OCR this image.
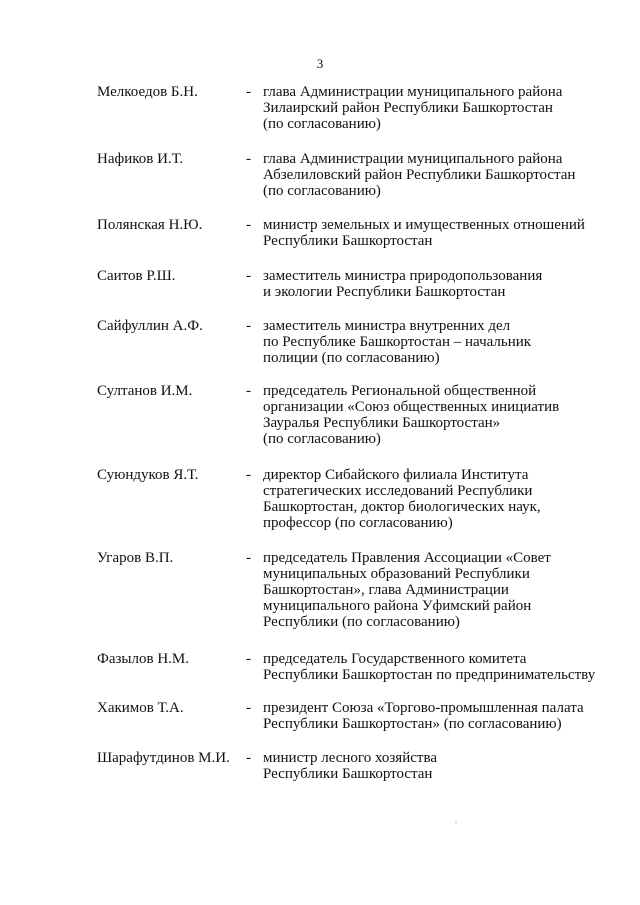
3
Мелкоедов Б.Н.	- глава Администрации муниципального района
Зилаирский район Республики Башкортостан
(по согласованию)
Нафиков И.Т.	- глава Администрации муниципального района
Абзелиловский район Республики Башкортостан
(по согласованию)
Полянская Н.Ю.	- министр земельных и имущественных отношений
Республики Башкортостан
Саитов Р.Ш.	- заместитель министра природопользования
и экологии Республики Башкортостан
Сайфуллин А.Ф.	- заместитель министра внутренних дел
по Республике Башкортостан – начальник
полиции (по согласованию)
Султанов И.М.	- председатель Региональной общественной
организации «Союз общественных инициатив
Зауралья Республики Башкортостан»
(по согласованию)
Суюндуков Я.Т.	- директор Сибайского филиала Института
стратегических исследований Республики
Башкортостан, доктор биологических наук,
профессор (по согласованию)
Угаров В.П.	- председатель Правления Ассоциации «Совет
муниципальных образований Республики
Башкортостан», глава Администрации
муниципального района Уфимский район
Республики (по согласованию)
Фазылов Н.М.	- председатель Государственного комитета
Республики Башкортостан по предпринимательству
Хакимов Т.А.	- президент Союза «Торгово-промышленная палата
Республики Башкортостан» (по согласованию)
Шарафутдинов М.И. - министр лесного хозяйства
Республики Башкортостан
